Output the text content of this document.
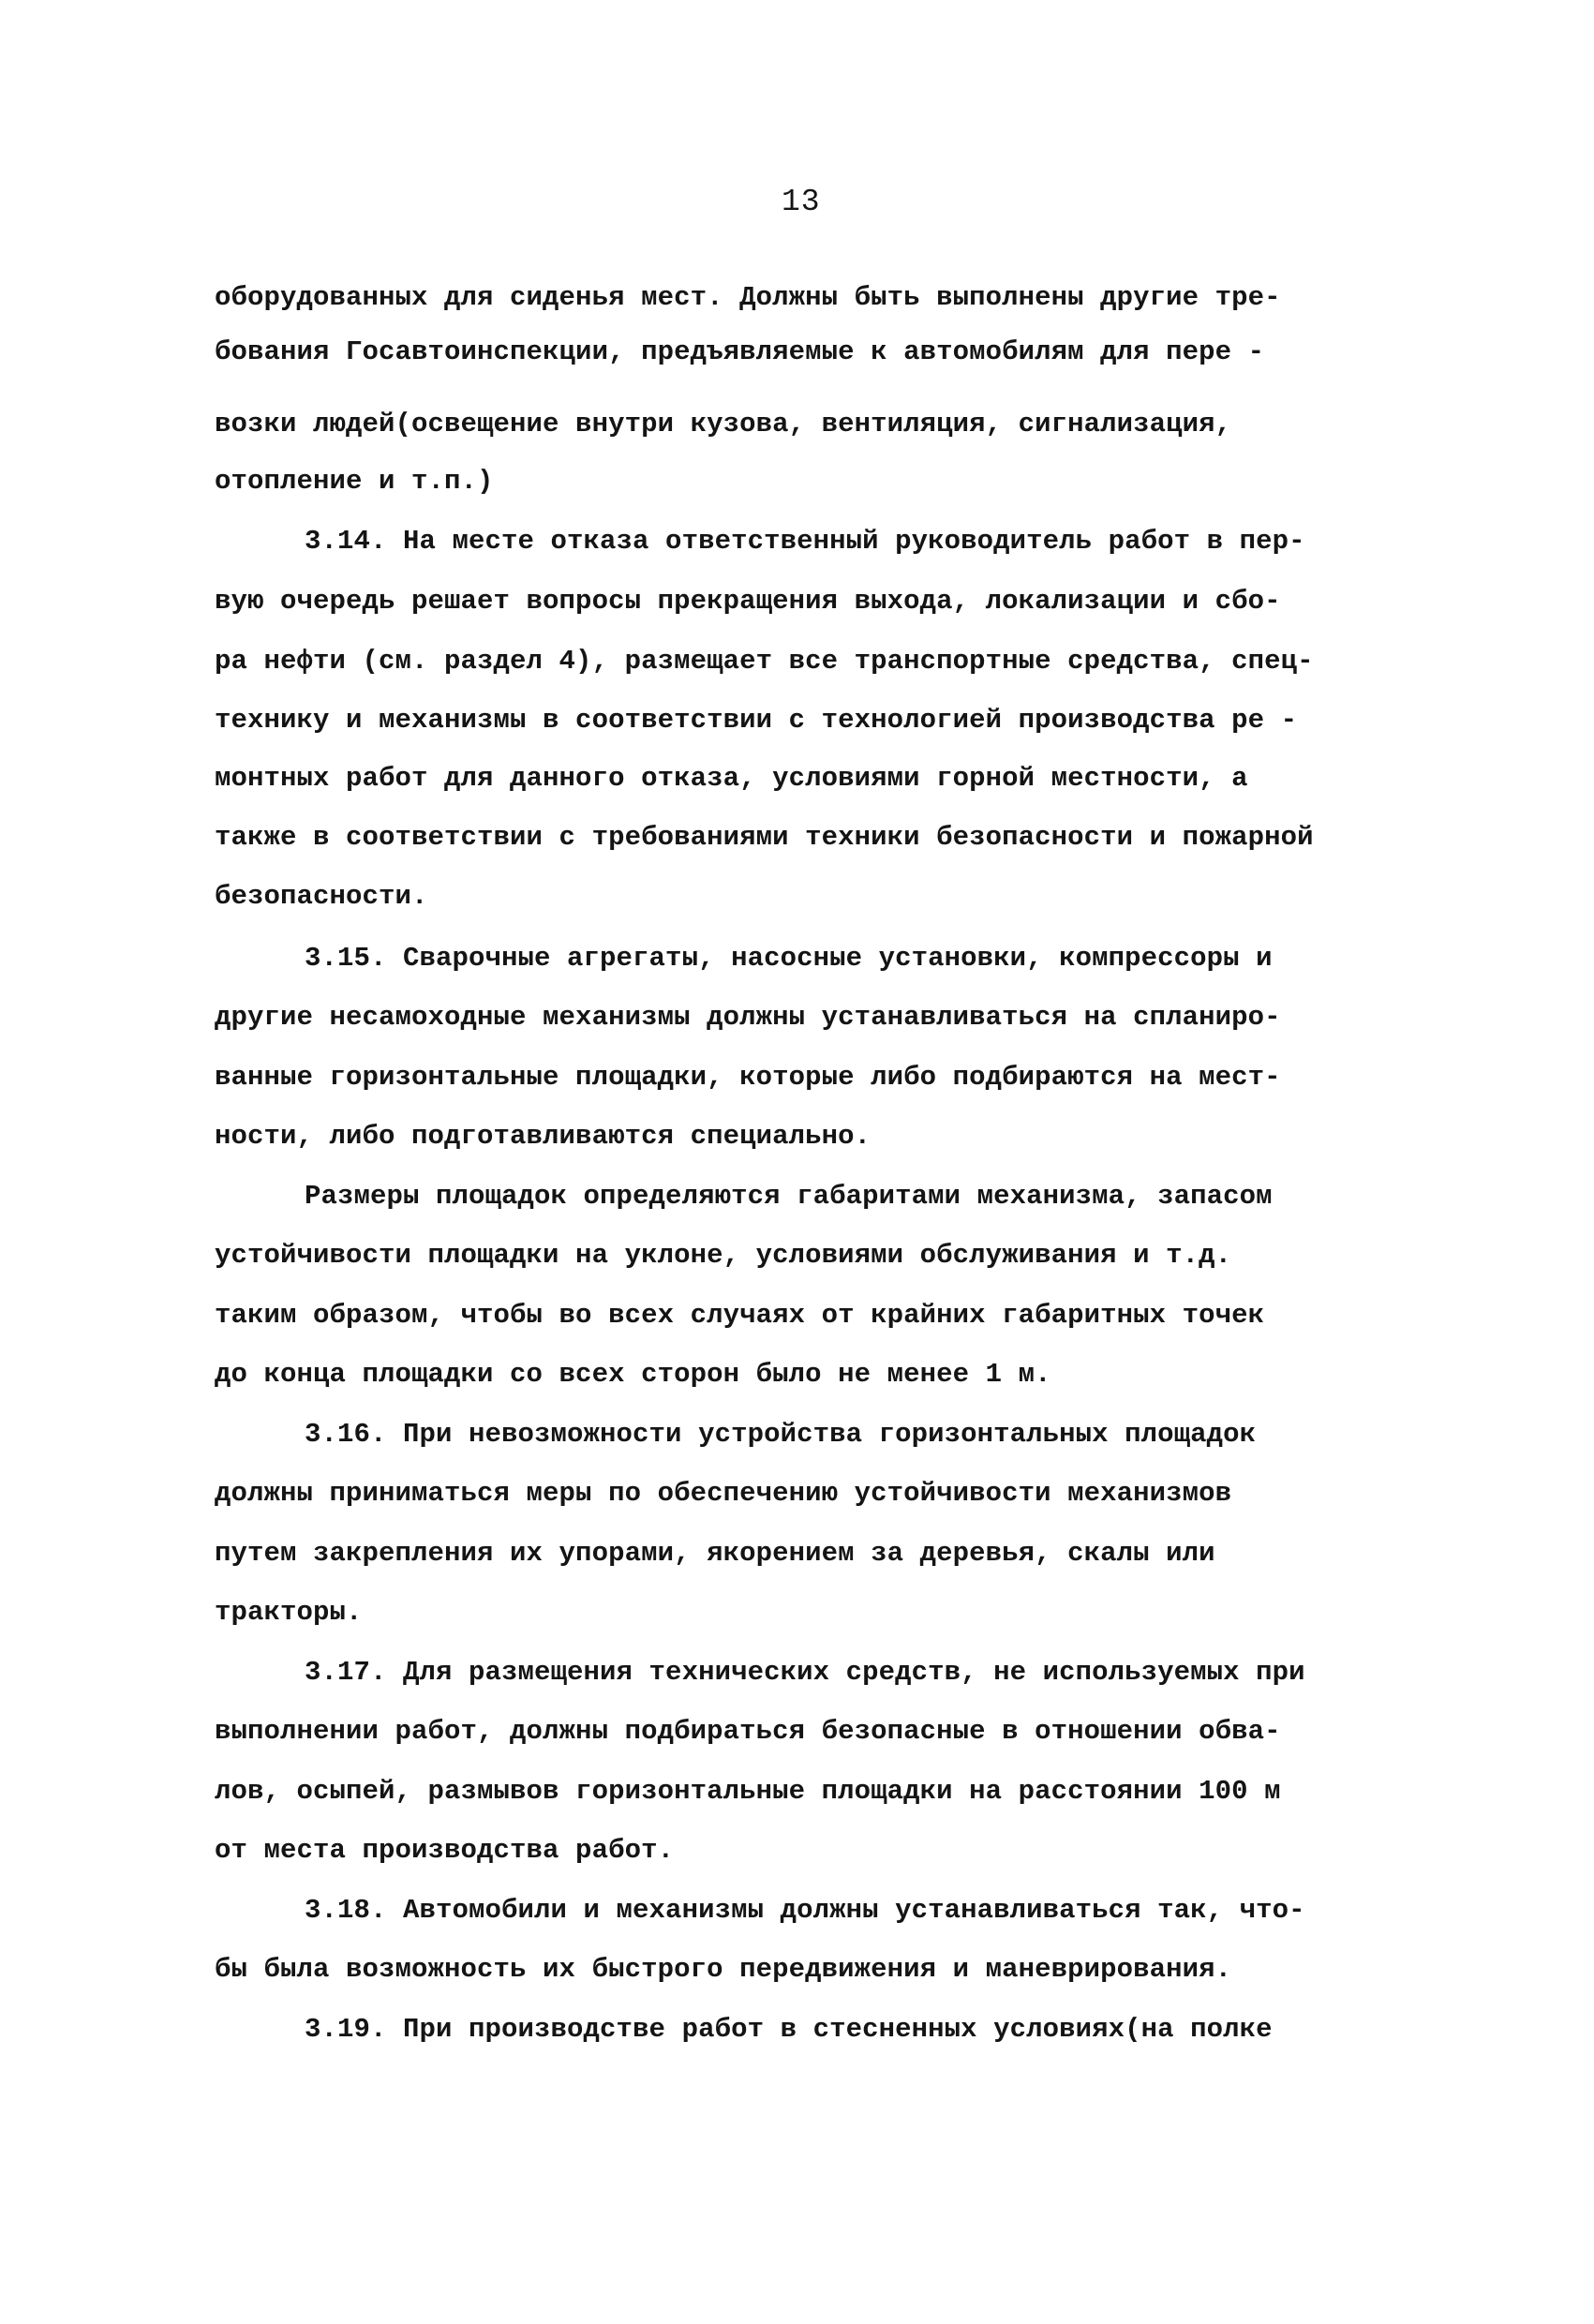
13
оборудованных для сиденья мест. Должны быть выполнены другие тре-
бования Госавтоинспекции, предъявляемые к автомобилям для пере -
возки людей(освещение внутри кузова, вентиляция, сигнализация,
отопление и т.п.)
3.14. На месте отказа ответственный руководитель работ в пер-
вую очередь решает вопросы прекращения выхода, локализации и сбо-
ра нефти (см. раздел 4), размещает все транспортные средства, спец-
технику и механизмы в соответствии с технологией производства ре -
монтных работ для данного отказа, условиями горной местности, а
также в соответствии с требованиями техники безопасности и пожарной
безопасности.
3.15. Сварочные агрегаты, насосные установки, компрессоры и
другие несамоходные механизмы должны устанавливаться на спланиро-
ванные горизонтальные площадки, которые либо подбираются на мест-
ности, либо подготавливаются специально.
Размеры площадок определяются габаритами механизма, запасом
устойчивости площадки на уклоне, условиями обслуживания и т.д.
таким образом, чтобы во всех случаях от крайних габаритных точек
до конца площадки со всех сторон было не менее 1 м.
3.16. При невозможности устройства горизонтальных площадок
должны приниматься меры по обеспечению устойчивости механизмов
путем закрепления их упорами, якорением за деревья, скалы или
тракторы.
3.17. Для размещения технических средств, не используемых при
выполнении работ, должны подбираться безопасные в отношении обва-
лов, осыпей, размывов горизонтальные площадки на расстоянии 100 м
от места производства работ.
3.18. Автомобили и механизмы должны устанавливаться так, что-
бы была возможность их быстрого передвижения и маневрирования.
3.19. При производстве работ в стесненных условиях(на полке
